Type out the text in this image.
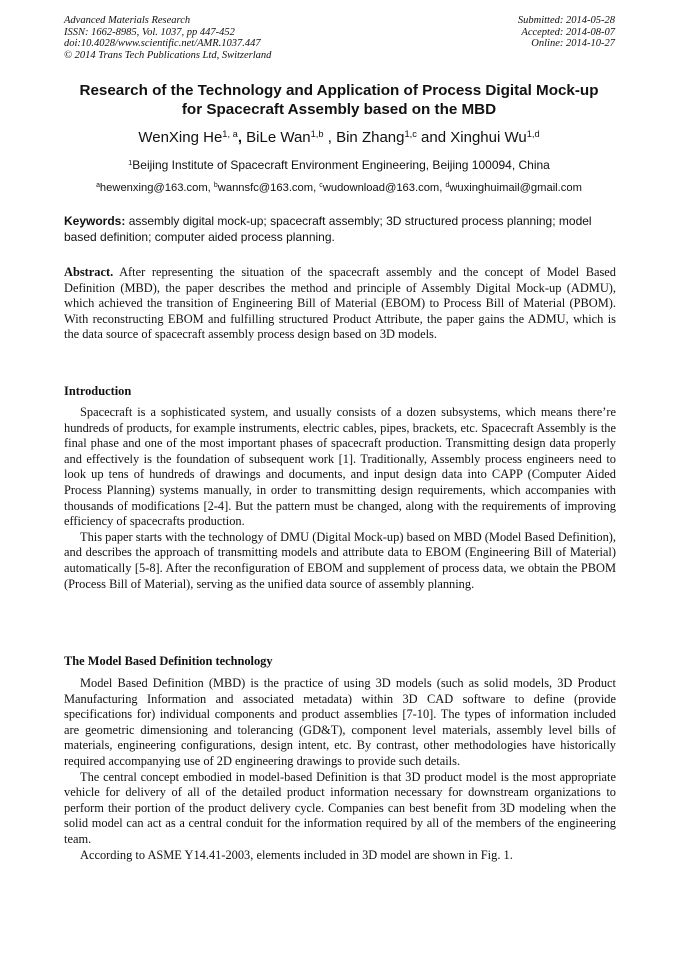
Advanced Materials Research
ISSN: 1662-8985, Vol. 1037, pp 447-452
doi:10.4028/www.scientific.net/AMR.1037.447
© 2014 Trans Tech Publications Ltd, Switzerland
Submitted: 2014-05-28
Accepted: 2014-08-07
Online: 2014-10-27
Research of the Technology and Application of Process Digital Mock-up
for Spacecraft Assembly based on the MBD
WenXing He$^{1, a}$, BiLe Wan$^{1,b}$ , Bin Zhang$^{1,c}$ and Xinghui Wu$^{1,d}$
$^1$Beijing Institute of Spacecraft Environment Engineering, Beijing 100094, China
$^a$hewenxing@163.com, $^b$wannsfc@163.com, $^c$wudownload@163.com, $^d$wuxinghuimail@gmail.com
Keywords: assembly digital mock-up; spacecraft assembly; 3D structured process planning; model based definition; computer aided process planning.
Abstract. After representing the situation of the spacecraft assembly and the concept of Model Based Definition (MBD), the paper describes the method and principle of Assembly Digital Mock-up (ADMU), which achieved the transition of Engineering Bill of Material (EBOM) to Process Bill of Material (PBOM). With reconstructing EBOM and fulfilling structured Product Attribute, the paper gains the ADMU, which is the data source of spacecraft assembly process design based on 3D models.
Introduction

Spacecraft is a sophisticated system, and usually consists of a dozen subsystems, which means there’re hundreds of products, for example instruments, electric cables, pipes, brackets, etc. Spacecraft Assembly is the final phase and one of the most important phases of spacecraft production. Transmitting design data properly and effectively is the foundation of subsequent work [1]. Traditionally, Assembly process engineers need to look up tens of hundreds of drawings and documents, and input design data into CAPP (Computer Aided Process Planning) systems manually, in order to transmitting design requirements, which accompanies with thousands of modifications [2-4]. But the pattern must be changed, along with the requirements of improving efficiency of spacecrafts production.

This paper starts with the technology of DMU (Digital Mock-up) based on MBD (Model Based Definition), and describes the approach of transmitting models and attribute data to EBOM (Engineering Bill of Material) automatically [5-8]. After the reconfiguration of EBOM and supplement of process data, we obtain the PBOM (Process Bill of Material), serving as the unified data source of assembly planning.

The Model Based Definition technology

Model Based Definition (MBD) is the practice of using 3D models (such as solid models, 3D Product Manufacturing Information and associated metadata) within 3D CAD software to define (provide specifications for) individual components and product assemblies [7-10]. The types of information included are geometric dimensioning and tolerancing (GD&T), component level materials, assembly level bills of materials, engineering configurations, design intent, etc. By contrast, other methodologies have historically required accompanying use of 2D engineering drawings to provide such details.

The central concept embodied in model-based Definition is that 3D product model is the most appropriate vehicle for delivery of all of the detailed product information necessary for downstream organizations to perform their portion of the product delivery cycle. Companies can best benefit from 3D modeling when the solid model can act as a central conduit for the information required by all of the members of the engineering team.

According to ASME Y14.41-2003, elements included in 3D model are shown in Fig. 1.
